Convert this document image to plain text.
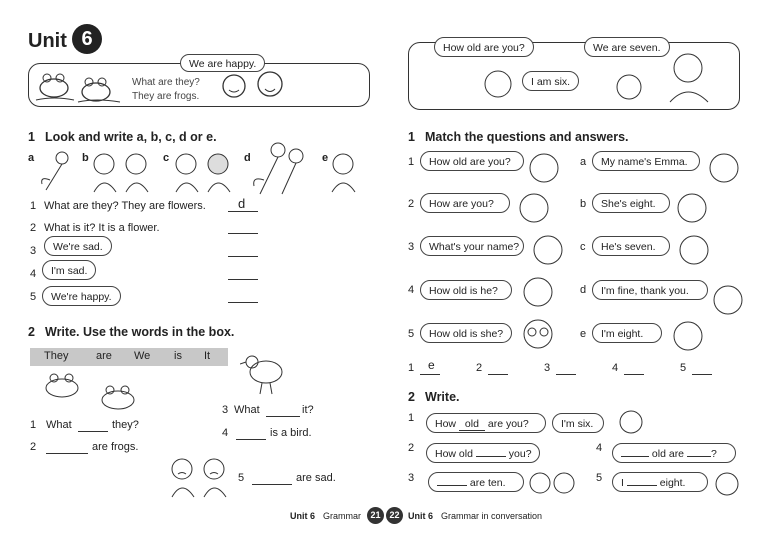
Unit 6
What are they?
They are frogs.
We are happy.
1 Look and write a, b, c, d or e.
a	b	c	d	e
1 What are they? They are flowers. d
2 What is it? It is a flower.
3	We're sad.
4	I'm sad.
5	We're happy.
2 Write. Use the words in the box.
They	are We is It
1 What	they?
2	are frogs.
3 What	it?
4	is a bird.
5	are sad.
Unit 6 Grammar	21
How old are you?
I am six.
We are seven.
1 Match the questions and answers.
1	How old are you?
2	How are you?
3	What's your name?
4	How old is he?
5	How old is she?
a	My name's Emma.
b	She's eight.
c	He's seven.
d	I'm fine, thank you.
e	I'm eight.
1 e	2	3	4	5
2 Write.
1	How old are you?	I'm six.
2	How old	you?
3	are ten.
4	old are	?
5	I	eight.
22 Unit 6 Grammar in conversation
